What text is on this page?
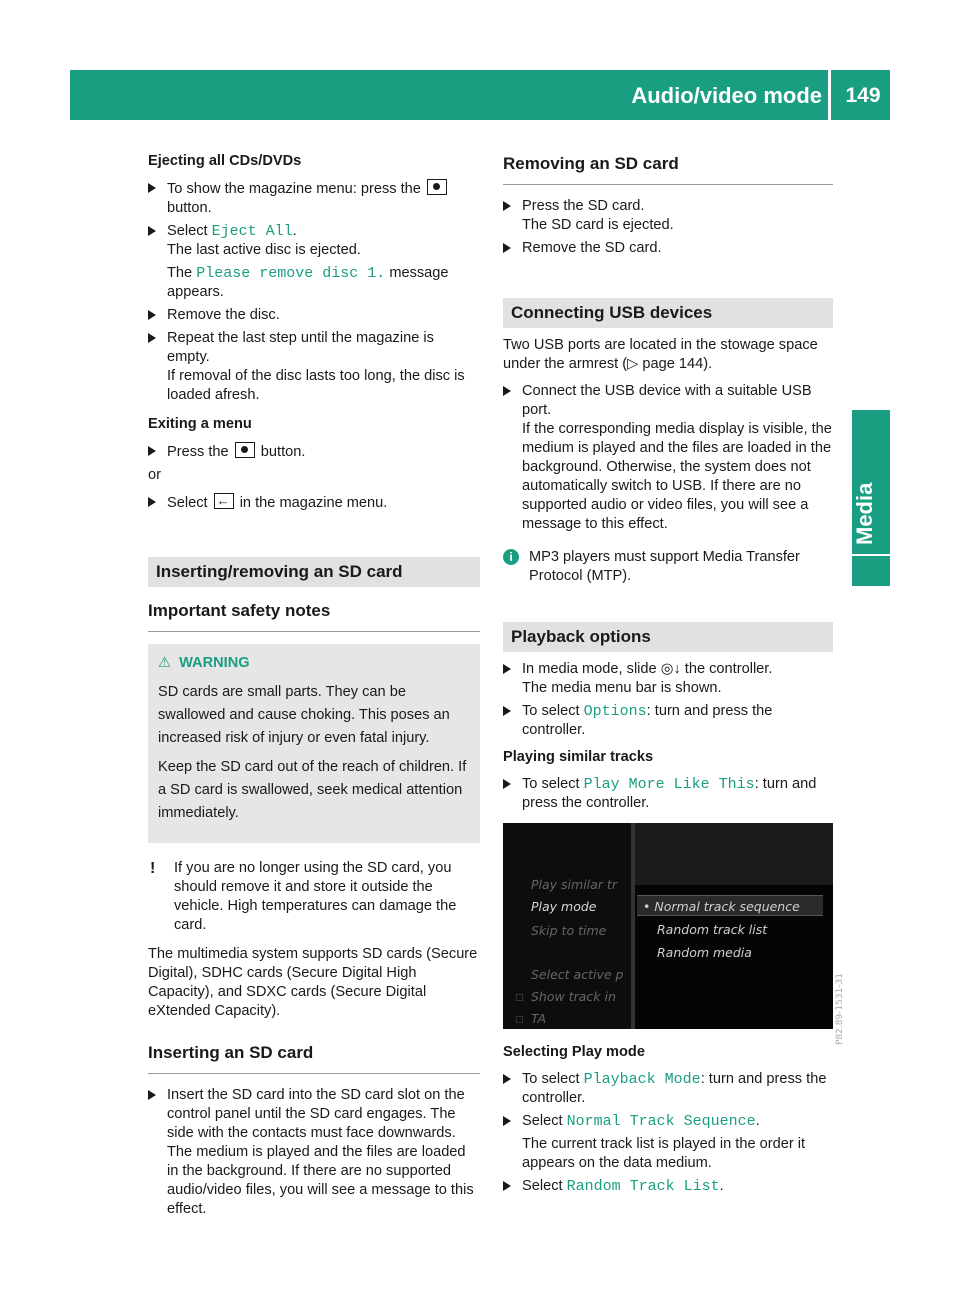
Audio/video mode	149
Media
Ejecting all CDs/DVDs
To show the magazine menu: press the
button.
Select Eject All.
The last active disc is ejected.
The Please remove disc 1. message appears.
Remove the disc.
Repeat the last step until the magazine is empty.
If removal of the disc lasts too long, the disc is loaded afresh.
Exiting a menu
Press the button.

or

Select ← in the magazine menu.
Inserting/removing an SD card
Important safety notes
⚠ WARNING

SD cards are small parts. They can be swallowed and cause choking. This poses an increased risk of injury or even fatal injury.

Keep the SD card out of the reach of children. If a SD card is swallowed, seek medical attention immediately.

! If you are no longer using the SD card, you should remove it and store it outside the vehicle. High temperatures can damage the card.

The multimedia system supports SD cards (Secure Digital), SDHC cards (Secure Digital High Capacity), and SDXC cards (Secure Digital eXtended Capacity).

Inserting an SD card
Insert the SD card into the SD card slot on the control panel until the SD card engages. The side with the contacts must face downwards. The medium is played and the files are loaded in the background. If there are no supported audio/video files, you will see a message to this effect.
Removing an SD card
Press the SD card.
The SD card is ejected.
Remove the SD card.
Connecting USB devices

Two USB ports are located in the stowage space under the armrest (▷ page 144).

Connect the USB device with a suitable USB port.
If the corresponding media display is visible, the medium is played and the files are loaded in the background. Otherwise, the system does not automatically switch to USB. If there are no supported audio or video files, you will see a message to this effect.
i	MP3 players must support Media Transfer Protocol (MTP).
Playback options
In media mode, slide ◎↓ the controller.
The media menu bar is shown.
To select Options: turn and press the controller.
Playing similar tracks
To select Play More Like This: turn and press the controller.
Play similar tr
Play mode
Skip to time
Select active p
□ Show track in
□ TA
• Normal track sequence
Random track list
Random media
P82.89-1531-31
Selecting Play mode
To select Playback Mode: turn and press the controller.
Select Normal Track Sequence.
The current track list is played in the order it appears on the data medium.
Select Random Track List.
